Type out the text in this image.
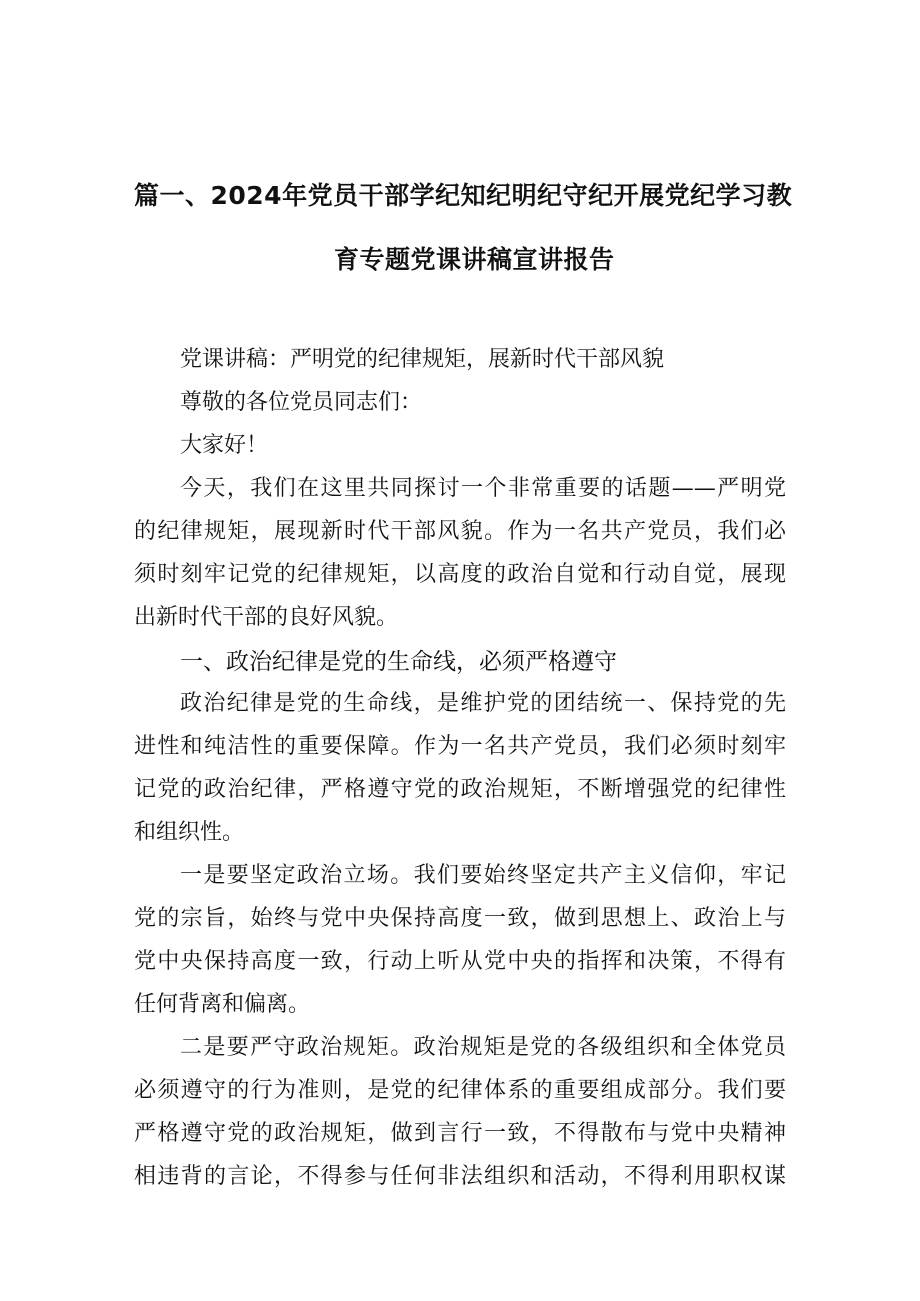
篇一、2024年党员干部学纪知纪明纪守纪开展党纪学习教
育专题党课讲稿宣讲报告
党课讲稿：严明党的纪律规矩，展新时代干部风貌
尊敬的各位党员同志们：
大家好！
今天，我们在这里共同探讨一个非常重要的话题——严明党
的纪律规矩，展现新时代干部风貌。作为一名共产党员，我们必
须时刻牢记党的纪律规矩，以高度的政治自觉和行动自觉，展现
出新时代干部的良好风貌。
一、政治纪律是党的生命线，必须严格遵守
政治纪律是党的生命线，是维护党的团结统一、保持党的先
进性和纯洁性的重要保障。作为一名共产党员，我们必须时刻牢
记党的政治纪律，严格遵守党的政治规矩，不断增强党的纪律性
和组织性。
一是要坚定政治立场。我们要始终坚定共产主义信仰，牢记
党的宗旨，始终与党中央保持高度一致，做到思想上、政治上与
党中央保持高度一致，行动上听从党中央的指挥和决策，不得有
任何背离和偏离。
二是要严守政治规矩。政治规矩是党的各级组织和全体党员
必须遵守的行为准则，是党的纪律体系的重要组成部分。我们要
严格遵守党的政治规矩，做到言行一致，不得散布与党中央精神
相违背的言论，不得参与任何非法组织和活动，不得利用职权谋
